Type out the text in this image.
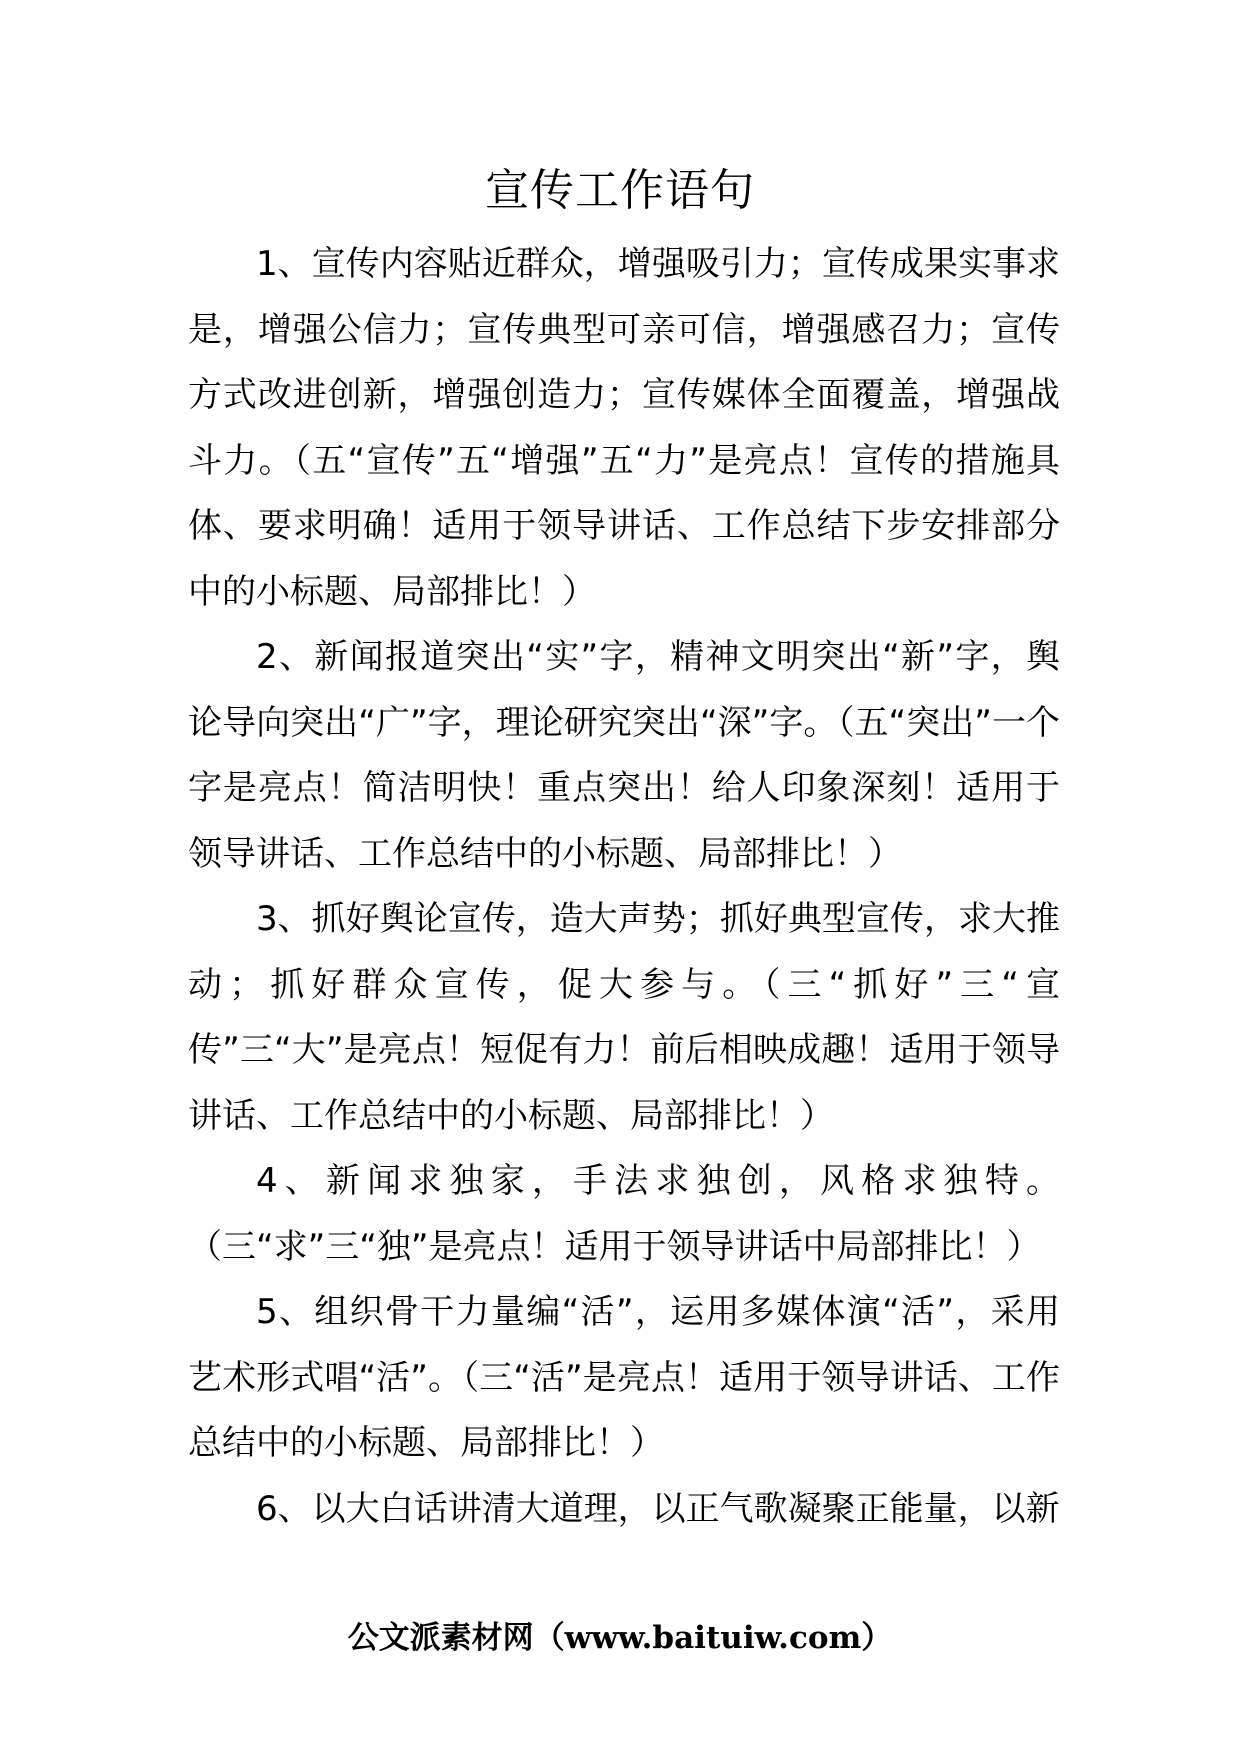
宣传工作语句

1、宣传内容贴近群众，增强吸引力；宣传成果实事求是，增强公信力；宣传典型可亲可信，增强感召力；宣传方式改进创新，增强创造力；宣传媒体全面覆盖，增强战斗力。（五“宣传”五“增强”五“力”是亮点！宣传的措施具体、要求明确！适用于领导讲话、工作总结下步安排部分中的小标题、局部排比！）

2、新闻报道突出“实”字，精神文明突出“新”字，舆论导向突出“广”字，理论研究突出“深”字。（五“突出”一个字是亮点！简洁明快！重点突出！给人印象深刻！适用于领导讲话、工作总结中的小标题、局部排比！）

3、抓好舆论宣传，造大声势；抓好典型宣传，求大推动；抓好群众宣传，促大参与。（三“抓好”三“宣传”三“大”是亮点！短促有力！前后相映成趣！适用于领导讲话、工作总结中的小标题、局部排比！）

4、新闻求独家，手法求独创，风格求独特。（三“求”三“独”是亮点！适用于领导讲话中局部排比！）

5、组织骨干力量编“活”，运用多媒体演“活”，采用艺术形式唱“活”。（三“活”是亮点！适用于领导讲话、工作总结中的小标题、局部排比！）

6、以大白话讲清大道理，以正气歌凝聚正能量，以新

公文派素材网（www.baituiw.com）
